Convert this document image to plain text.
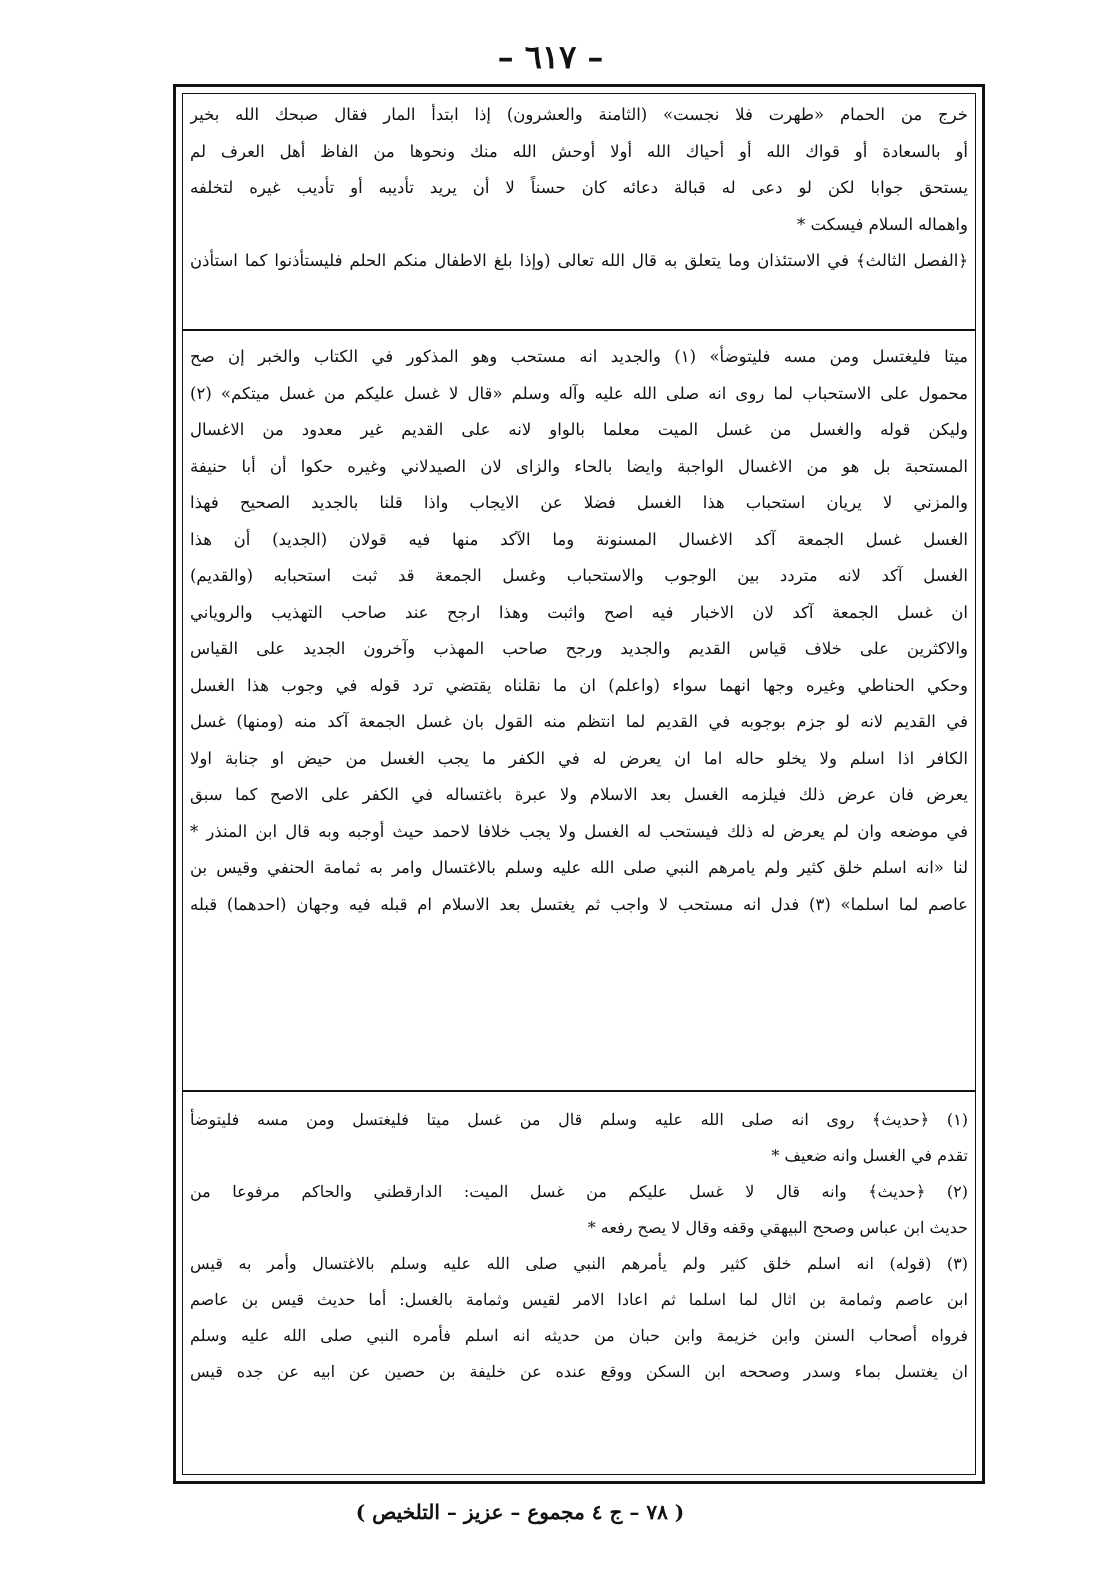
– ٦١٧ –
خرج من الحمام «طهرت فلا نجست» (الثامنة والعشرون) إذا ابتدأ المار فقال صبحك الله بخير
أو بالسعادة أو قواك الله أو أحياك الله أولا أوحش الله منك ونحوها من الفاظ أهل العرف لم
يستحق جوابا لكن لو دعى له قبالة دعائه كان حسناً لا أن يريد تأديبه أو تأديب غيره لتخلفه
واهماله السلام فيسكت *
﴿الفصل الثالث﴾ في الاستئذان وما يتعلق به قال الله تعالى (وإذا بلغ الاطفال منكم الحلم فليستأذنوا كما استأذن
ميتا فليغتسل ومن مسه فليتوضأ» (١) والجديد انه مستحب وهو المذكور في الكتاب والخبر إن صح
محمول على الاستحباب لما روى انه صلى الله عليه وآله وسلم «قال لا غسل عليكم من غسل ميتكم» (٢)
وليكن قوله والغسل من غسل الميت معلما بالواو لانه على القديم غير معدود من الاغسال
المستحبة بل هو من الاغسال الواجبة وايضا بالحاء والزاى لان الصيدلاني وغيره حكوا أن أبا حنيفة
والمزني لا يريان استحباب هذا الغسل فضلا عن الايجاب واذا قلنا بالجديد الصحيح فهذا
الغسل غسل الجمعة آكد الاغسال المسنونة وما الآكد منها فيه قولان (الجديد) أن هذا
الغسل آكد لانه متردد بين الوجوب والاستحباب وغسل الجمعة قد ثبت استحبابه (والقديم)
ان غسل الجمعة آكد لان الاخبار فيه اصح واثبت وهذا ارجح عند صاحب التهذيب والروياني
والاكثرين على خلاف قياس القديم والجديد ورجح صاحب المهذب وآخرون الجديد على القياس
وحكي الحناطي وغيره وجها انهما سواء (واعلم) ان ما نقلناه يقتضي ترد قوله في وجوب هذا الغسل
في القديم لانه لو جزم بوجوبه في القديم لما انتظم منه القول بان غسل الجمعة آكد منه (ومنها) غسل
الكافر اذا اسلم ولا يخلو حاله اما ان يعرض له في الكفر ما يجب الغسل من حيض او جنابة اولا
يعرض فان عرض ذلك فيلزمه الغسل بعد الاسلام ولا عبرة باغتساله في الكفر على الاصح كما سبق
في موضعه وان لم يعرض له ذلك فيستحب له الغسل ولا يجب خلافا لاحمد حيث أوجبه وبه قال ابن المنذر *
لنا «انه اسلم خلق كثير ولم يامرهم النبي صلى الله عليه وسلم بالاغتسال وامر به ثمامة الحنفي وقيس بن
عاصم لما اسلما» (٣) فدل انه مستحب لا واجب ثم يغتسل بعد الاسلام ام قبله فيه وجهان (احدهما) قبله
(١) ﴿حديث﴾ روى انه صلى الله عليه وسلم قال من غسل ميتا فليغتسل ومن مسه فليتوضأ
تقدم في الغسل وانه ضعيف *
(٢) ﴿حديث﴾ وانه قال لا غسل عليكم من غسل الميت: الدارقطني والحاكم مرفوعا من
حديث ابن عباس وصحح البيهقي وقفه وقال لا يصح رفعه *
(٣) (قوله) انه اسلم خلق كثير ولم يأمرهم النبي صلى الله عليه وسلم بالاغتسال وأمر به قيس
ابن عاصم وثمامة بن اثال لما اسلما ثم اعادا الامر لقيس وثمامة بالغسل: أما حديث قيس بن عاصم
فرواه أصحاب السنن وابن خزيمة وابن حبان من حديثه انه اسلم فأمره النبي صلى الله عليه وسلم
ان يغتسل بماء وسدر وصححه ابن السكن ووقع عنده عن خليفة بن حصين عن ابيه عن جده قيس
( ٧٨ – ج ٤ مجموع – عزيز – التلخيص )
